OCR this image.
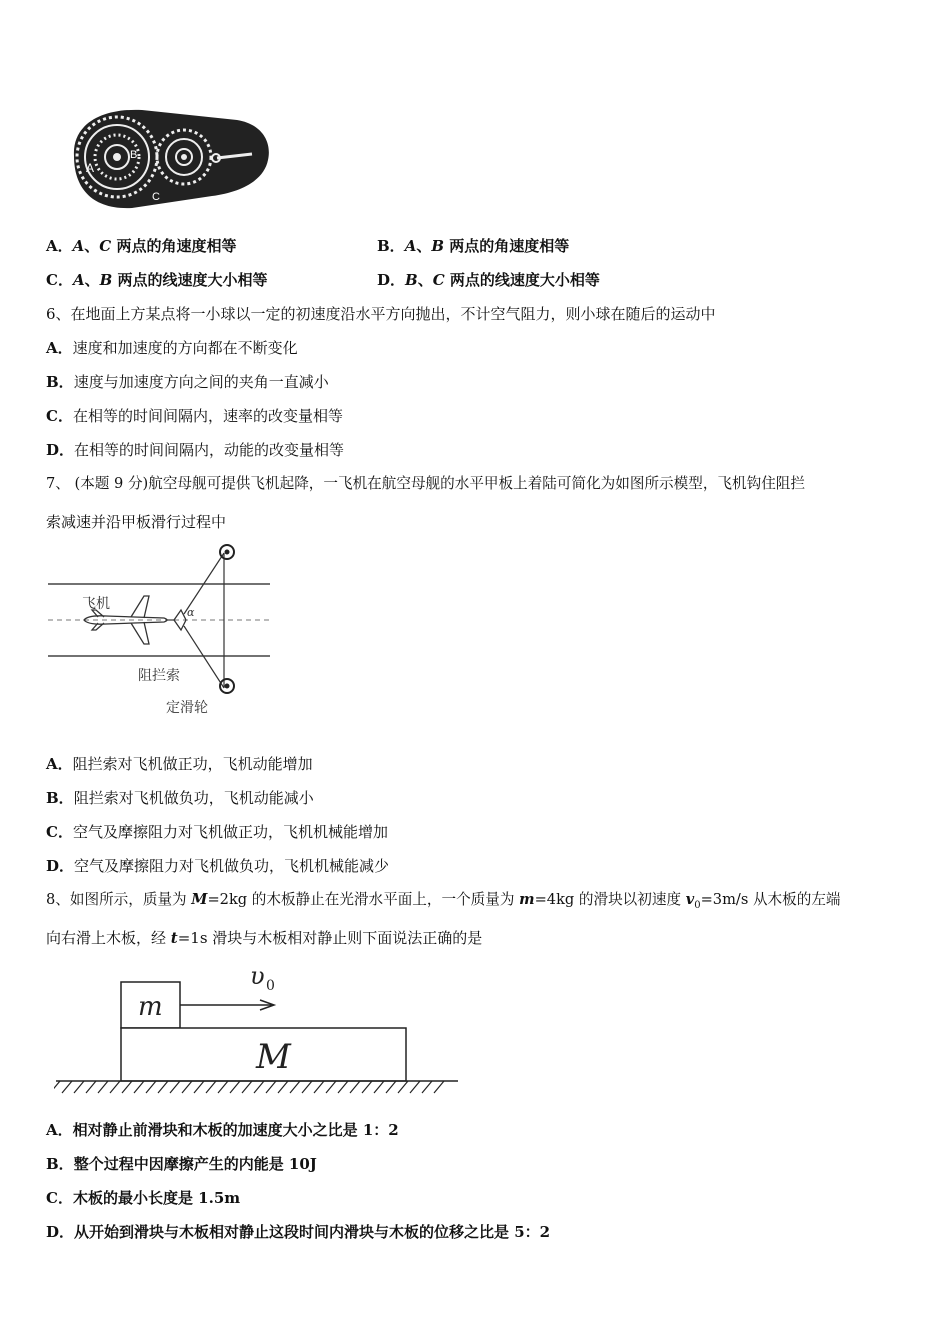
A
B
C
A．A、C 两点的角速度相等	B．A、B 两点的角速度相等
C．A、B 两点的线速度大小相等	D．B、C 两点的线速度大小相等
6、在地面上方某点将一小球以一定的初速度沿水平方向抛出，不计空气阻力，则小球在随后的运动中
A．速度和加速度的方向都在不断变化
B．速度与加速度方向之间的夹角一直减小
C．在相等的时间间隔内，速率的改变量相等
D．在相等的时间间隔内，动能的改变量相等
7、 (本题 9 分)航空母舰可提供飞机起降，一飞机在航空母舰的水平甲板上着陆可简化为如图所示模型，飞机钩住阻拦
索减速并沿甲板滑行过程中
飞机
α
阻拦索
定滑轮
A．阻拦索对飞机做正功，飞机动能增加
B．阻拦索对飞机做负功，飞机动能减小
C．空气及摩擦阻力对飞机做正功，飞机机械能增加
D．空气及摩擦阻力对飞机做负功，飞机机械能减少
8、如图所示，质量为 M=2kg 的木板静止在光滑水平面上，一个质量为 m=4kg 的滑块以初速度 $v_0=3m/s$ 从木板的左端
向右滑上木板，经 t=1s 滑块与木板相对静止则下面说法正确的是
m
M
υ 0
A．相对静止前滑块和木板的加速度大小之比是 1：2
B．整个过程中因摩擦产生的内能是 10J
C．木板的最小长度是 1.5m
D．从开始到滑块与木板相对静止这段时间内滑块与木板的位移之比是 5：2
